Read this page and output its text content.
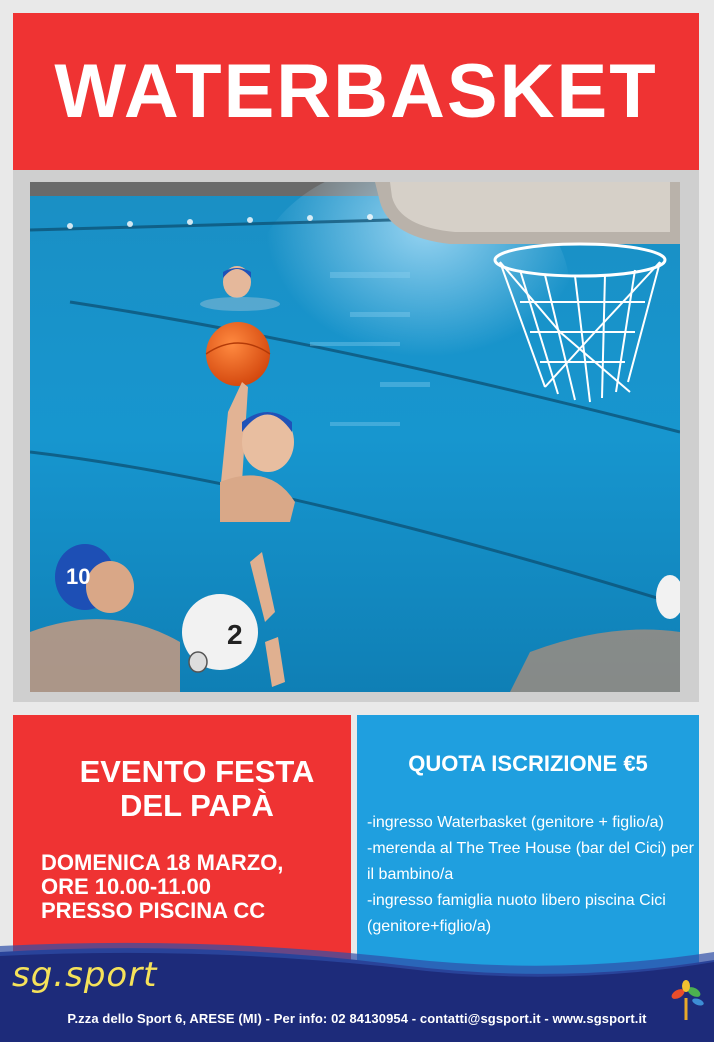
WATERBASKET
10
2
EVENTO FESTA
DEL PAPÀ
DOMENICA 18 MARZO,
ORE 10.00-11.00
PRESSO PISCINA CC
QUOTA ISCRIZIONE €5
-ingresso Waterbasket (genitore + figlio/a)
-merenda al The Tree House (bar del Cici) per il bambino/a
-ingresso famiglia nuoto libero piscina Cici (genitore+figlio/a)
sg.sport
P.zza dello Sport 6, ARESE (MI) - Per info: 02 84130954 - contatti@sgsport.it - www.sgsport.it
